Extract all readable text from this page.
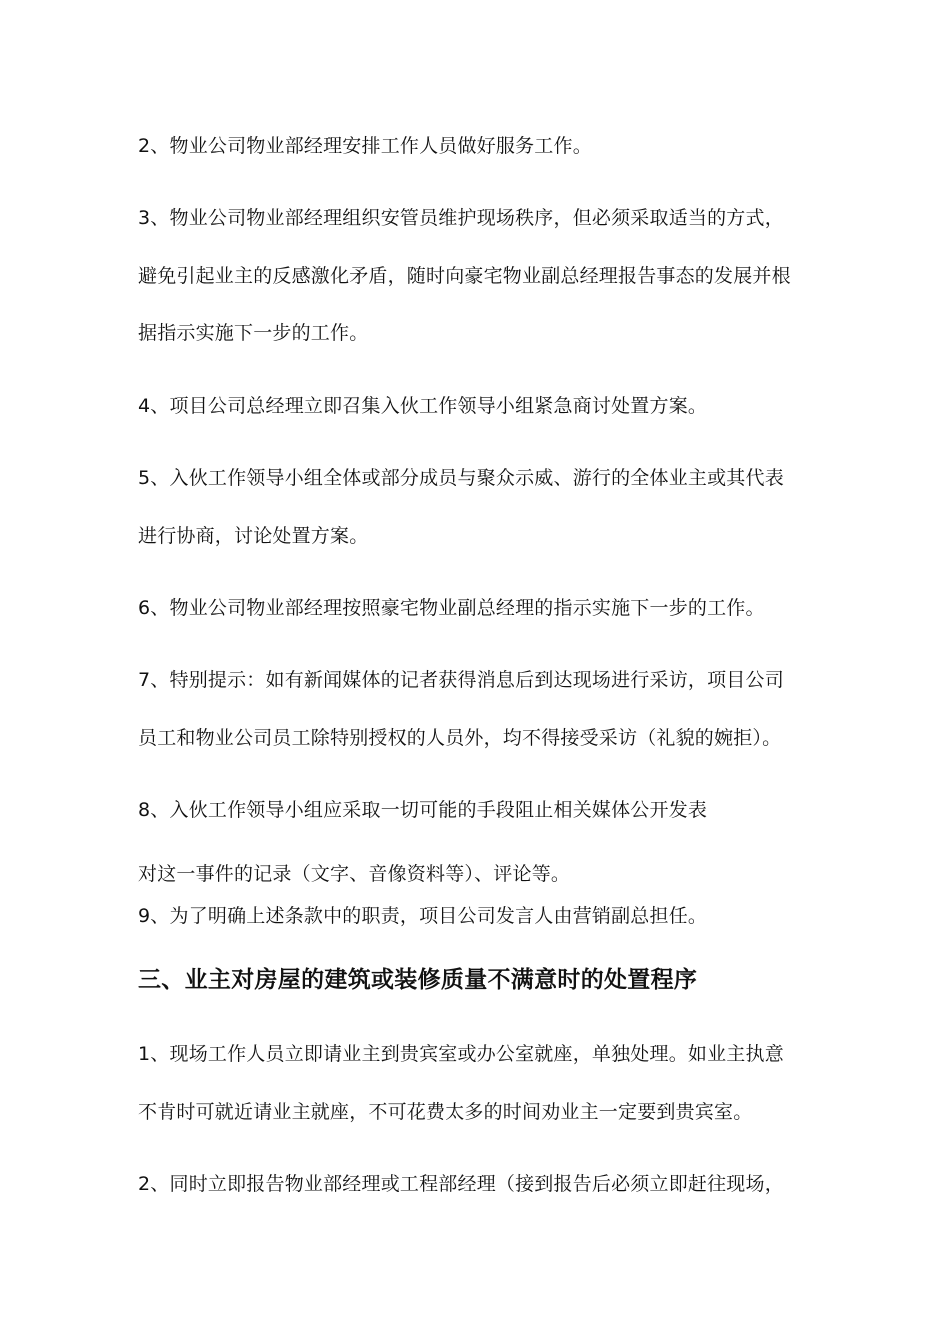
2、物业公司物业部经理安排工作人员做好服务工作。
3、物业公司物业部经理组织安管员维护现场秩序，但必须采取适当的方式，
避免引起业主的反感激化矛盾，随时向豪宅物业副总经理报告事态的发展并根
据指示实施下一步的工作。
4、项目公司总经理立即召集入伙工作领导小组紧急商讨处置方案。
5、入伙工作领导小组全体或部分成员与聚众示威、游行的全体业主或其代表
进行协商，讨论处置方案。
6、物业公司物业部经理按照豪宅物业副总经理的指示实施下一步的工作。
7、特别提示：如有新闻媒体的记者获得消息后到达现场进行采访，项目公司
员工和物业公司员工除特别授权的人员外，均不得接受采访（礼貌的婉拒）。
8、入伙工作领导小组应采取一切可能的手段阻止相关媒体公开发表
对这一事件的记录（文字、音像资料等）、评论等。
9、为了明确上述条款中的职责，项目公司发言人由营销副总担任。
三、业主对房屋的建筑或装修质量不满意时的处置程序
1、现场工作人员立即请业主到贵宾室或办公室就座，单独处理。如业主执意
不肯时可就近请业主就座，不可花费太多的时间劝业主一定要到贵宾室。
2、同时立即报告物业部经理或工程部经理（接到报告后必须立即赶往现场，
